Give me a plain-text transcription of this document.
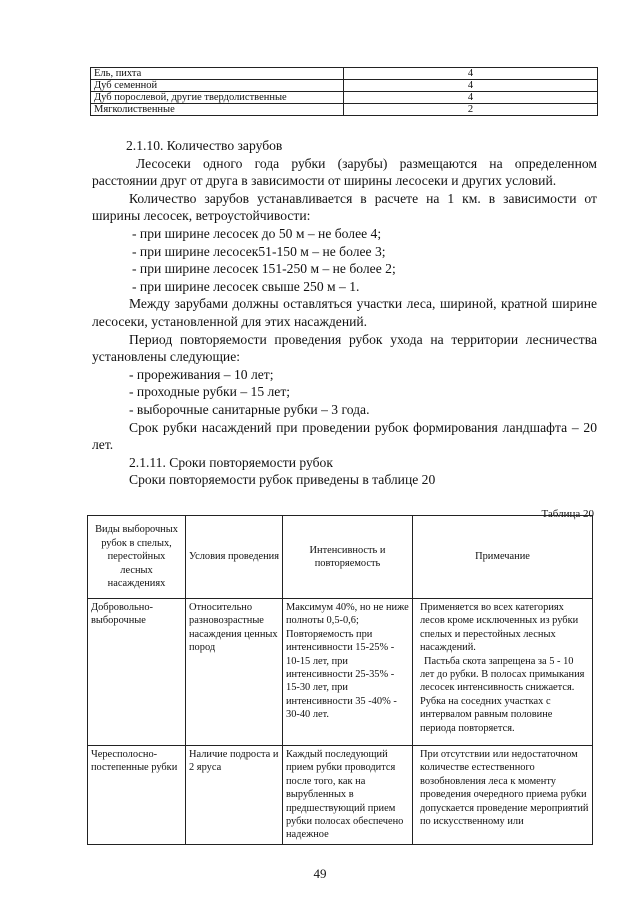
Ель, пихта	4
Дуб семенной	4
Дуб порослевой, другие твердолиственные	4
Мягколиственные	2

2.1.10. Количество зарубов

Лесосеки одного года рубки (зарубы) размещаются на определенном расстоянии друг от друга в зависимости от ширины лесосеки и других условий.

Количество зарубов устанавливается в расчете на 1 км. в зависимости от ширины лесосек, ветроустойчивости:

- при ширине лесосек до 50 м – не более 4;
- при ширине лесосек51-150 м – не более 3;
- при ширине лесосек 151-250 м – не более 2;
- при ширине лесосек свыше 250 м – 1.

Между зарубами должны оставляться участки леса, шириной, кратной ширине лесосеки, установленной для этих насаждений.

Период повторяемости проведения рубок ухода на территории лесничества установлены следующие:

- прореживания – 10 лет;
- проходные рубки – 15 лет;
- выборочные санитарные рубки – 3 года.

Срок рубки насаждений при проведении рубок формирования ландшафта – 20 лет.

2.1.11. Сроки повторяемости рубок

Сроки повторяемости рубок приведены в таблице 20

Таблица 20
Виды выборочных рубок в спелых, перестойных лесных насаждениях	Условия проведения	Интенсивность и повторяемость	Примечание
Добровольно-выборочные	Относительно разновозрастные насаждения ценных пород	Максимум 40%, но не ниже полноты 0,5-0,6; Повторяемость при интенсивности 15-25% - 10-15 лет, при интенсивности 25-35% - 15-30 лет, при интенсивности 35 -40% - 30-40 лет.	Применяется во всех категориях лесов кроме исключенных из рубки спелых и перестойных лесных насаждений.
Пастьба скота запрещена за 5 - 10 лет до рубки. В полосах примыкания лесосек интенсивность снижается. Рубка на соседних участках с интервалом равным половине периода повторяется.

Чересполосно-постепенные рубки	Наличие подроста и 2 яруса	Каждый последующий прием рубки проводится после того, как на вырубленных в предшествующий прием рубки полосах обеспечено надежное	При отсутствии или недостаточном количестве естественного возобновления леса к моменту проведения очередного приема рубки допускается проведение мероприятий по искусственному или
49
